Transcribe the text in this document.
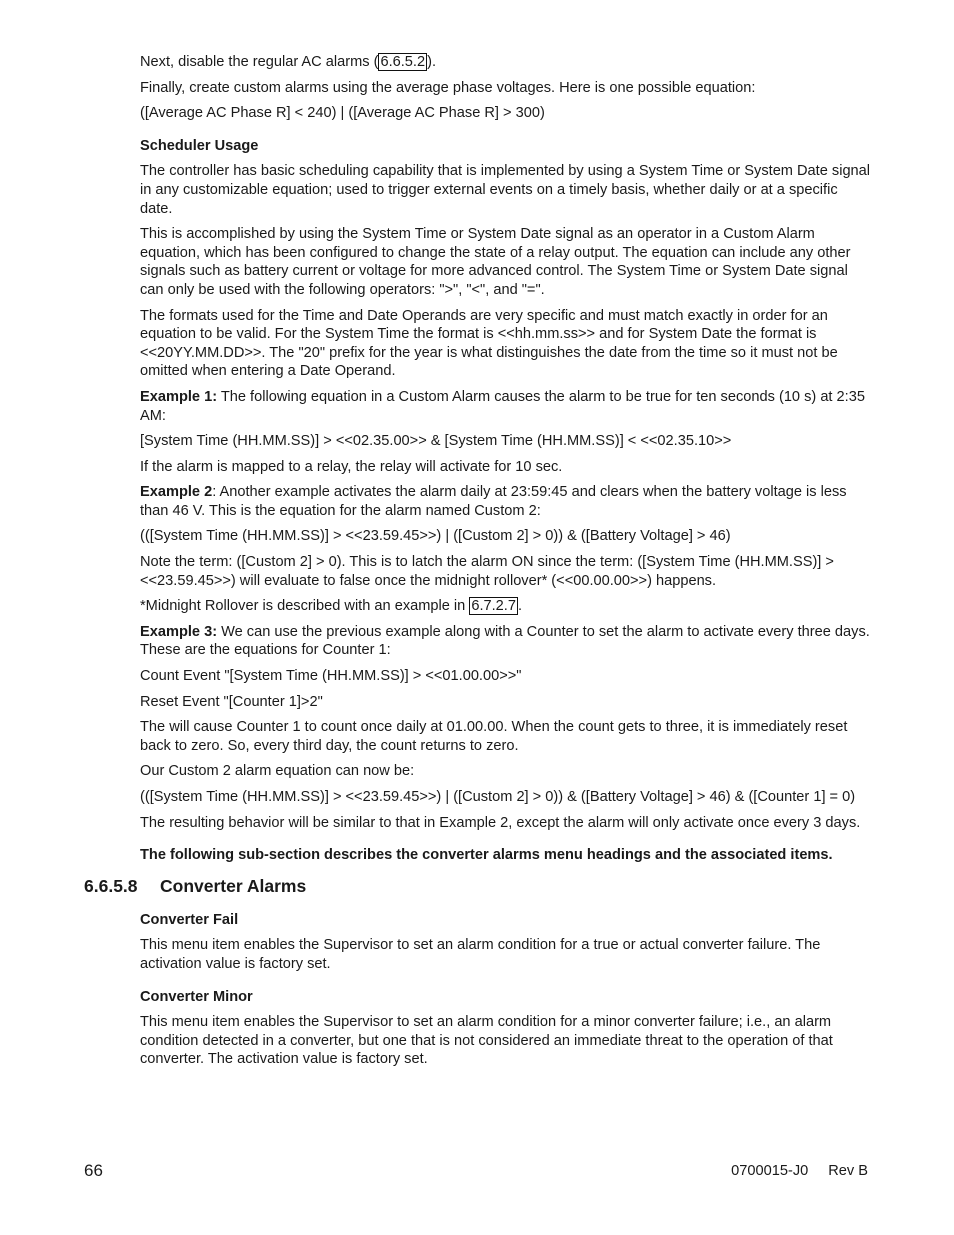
Next, disable the regular AC alarms ( 6.6.5.2 ).

Finally, create custom alarms using the average phase voltages. Here is one possible equation:

([Average AC Phase R] < 240) | ([Average AC Phase R] > 300)

Scheduler Usage

The controller has basic scheduling capability that is implemented by using a System Time or System Date signal in any customizable equation; used to trigger external events on a timely basis, whether daily or at a specific date.

This is accomplished by using the System Time or System Date signal as an operator in a Custom Alarm equation, which has been configured to change the state of a relay output. The equation can include any other signals such as battery current or voltage for more advanced control. The System Time or System Date signal can only be used with the following operators: ">", "<", and "=".

The formats used for the Time and Date Operands are very specific and must match exactly in order for an equation to be valid. For the System Time the format is <<hh.mm.ss>> and for System Date the format is <<20YY.MM.DD>>. The "20" prefix for the year is what distinguishes the date from the time so it must not be omitted when entering a Date Operand.

Example 1: The following equation in a Custom Alarm causes the alarm to be true for ten seconds (10 s) at 2:35 AM:

[System Time (HH.MM.SS)] > <<02.35.00>> & [System Time (HH.MM.SS)] < <<02.35.10>>

If the alarm is mapped to a relay, the relay will activate for 10 sec.

Example 2: Another example activates the alarm daily at 23:59:45 and clears when the battery voltage is less than 46 V. This is the equation for the alarm named Custom 2:

(([System Time (HH.MM.SS)] > <<23.59.45>>) | ([Custom 2] > 0)) & ([Battery Voltage] > 46)

Note the term: ([Custom 2] > 0). This is to latch the alarm ON since the term: ([System Time (HH.MM.SS)] > <<23.59.45>>) will evaluate to false once the midnight rollover* (<<00.00.00>>) happens.

*Midnight Rollover is described with an example in 6.7.2.7 .

Example 3: We can use the previous example along with a Counter to set the alarm to activate every three days. These are the equations for Counter 1:

Count Event "[System Time (HH.MM.SS)] > <<01.00.00>>"

Reset Event "[Counter 1]>2"

The will cause Counter 1 to count once daily at 01.00.00. When the count gets to three, it is immediately reset back to zero. So, every third day, the count returns to zero.

Our Custom 2 alarm equation can now be:

(([System Time (HH.MM.SS)] > <<23.59.45>>) | ([Custom 2] > 0)) & ([Battery Voltage] > 46) & ([Counter 1] = 0)

The resulting behavior will be similar to that in Example 2, except the alarm will only activate once every 3 days.

The following sub-section describes the converter alarms menu headings and the associated items.
6.6.5.8 Converter Alarms
Converter Fail

This menu item enables the Supervisor to set an alarm condition for a true or actual converter failure. The activation value is factory set.

Converter Minor

This menu item enables the Supervisor to set an alarm condition for a minor converter failure; i.e., an alarm condition detected in a converter, but one that is not considered an immediate threat to the operation of that converter. The activation value is factory set.

66	0700015-J0 Rev B
